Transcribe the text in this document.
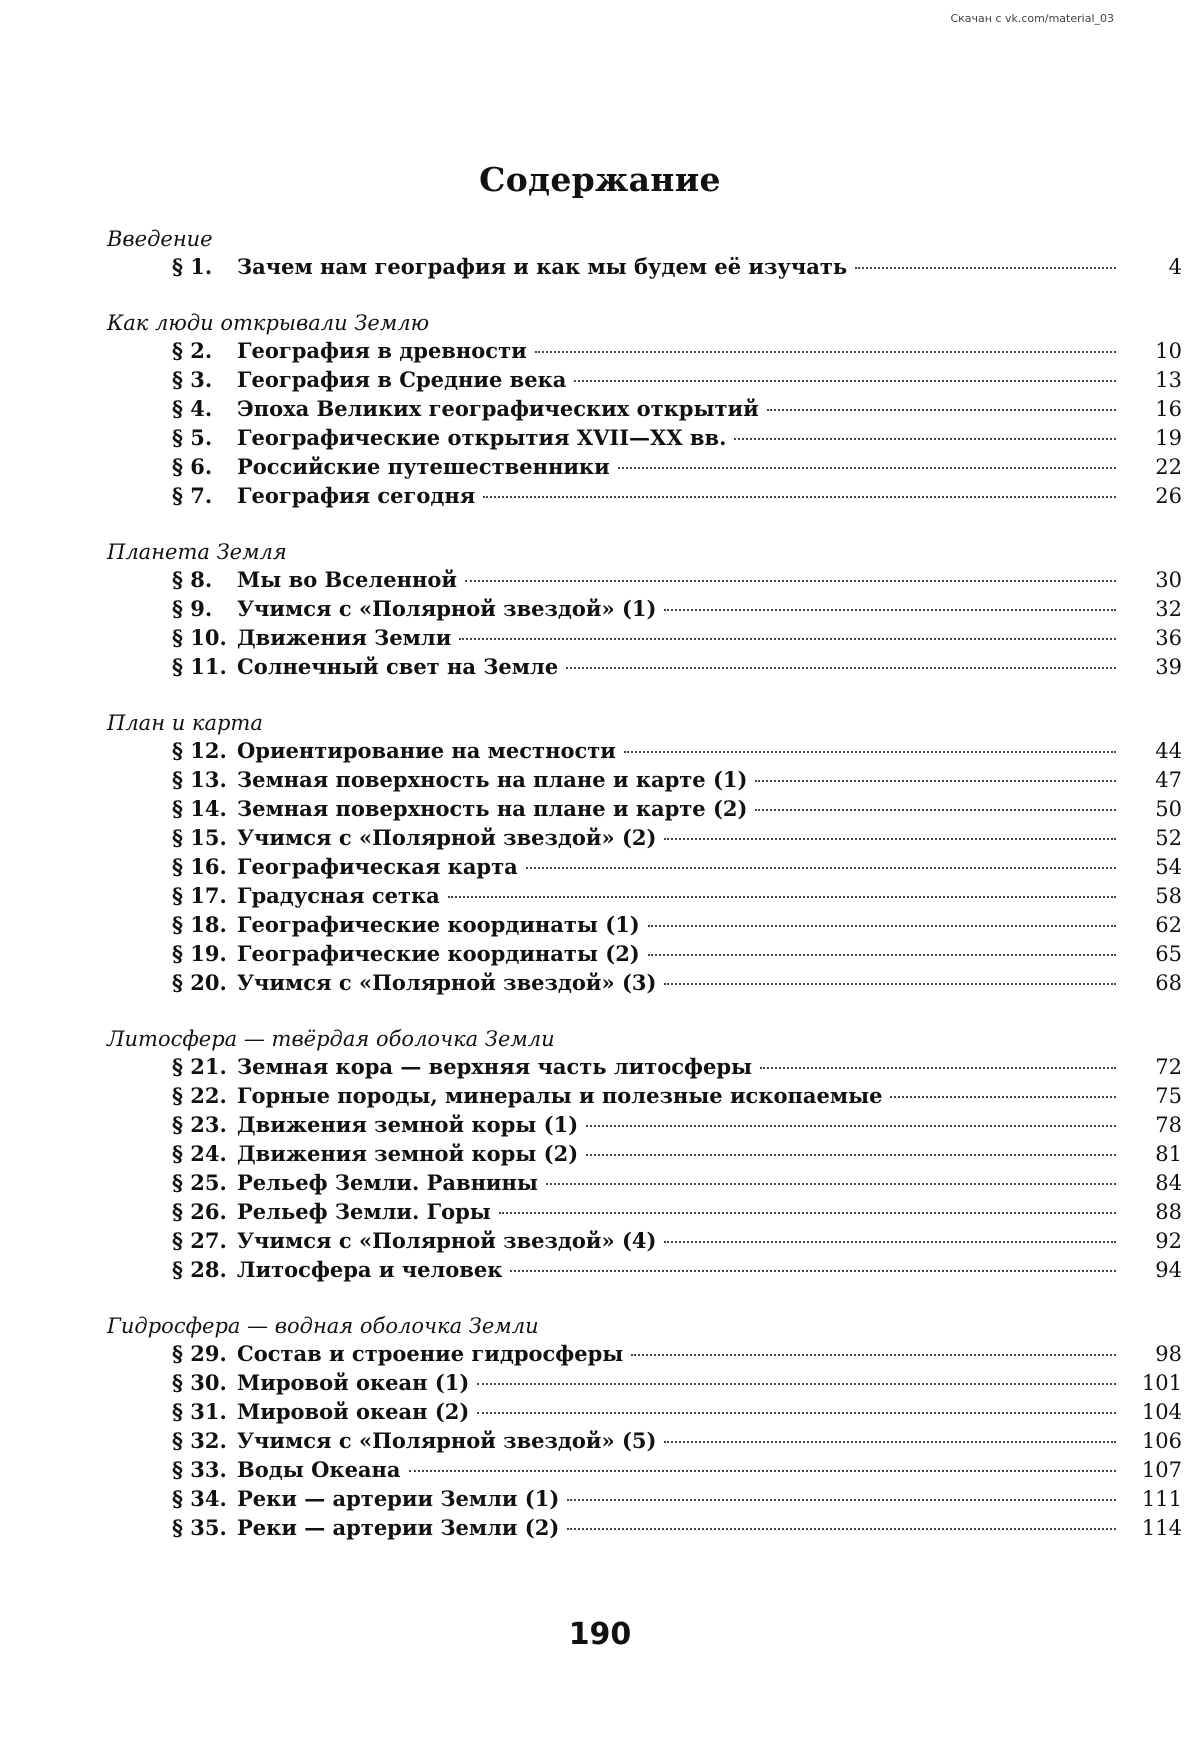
Скачан с vk.com/material_03
Содержание
Введение
§ 1.	Зачем нам география и как мы будем её изучать	4
Как люди открывали Землю
§ 2.	География в древности	10
§ 3.	География в Средние века	13
§ 4.	Эпоха Великих географических открытий	16
§ 5.	Географические открытия XVII—XX вв.	19
§ 6.	Российские путешественники	22
§ 7.	География сегодня	26
Планета Земля
§ 8.	Мы во Вселенной	30
§ 9.	Учимся с «Полярной звездой» (1)	32
§ 10. Движения Земли	36
§ 11. Солнечный свет на Земле	39
План и карта
§ 12. Ориентирование на местности	44
§ 13. Земная поверхность на плане и карте (1)	47
§ 14. Земная поверхность на плане и карте (2)	50
§ 15. Учимся с «Полярной звездой» (2)	52
§ 16. Географическая карта	54
§ 17. Градусная сетка	58
§ 18. Географические координаты (1)	62
§ 19. Географические координаты (2)	65
§ 20. Учимся с «Полярной звездой» (3)	68
Литосфера — твёрдая оболочка Земли
§ 21. Земная кора — верхняя часть литосферы	72
§ 22. Горные породы, минералы и полезные ископаемые	75
§ 23. Движения земной коры (1)	78
§ 24. Движения земной коры (2)	81
§ 25. Рельеф Земли. Равнины	84
§ 26. Рельеф Земли. Горы	88
§ 27. Учимся с «Полярной звездой» (4)	92
§ 28. Литосфера и человек	94
Гидросфера — водная оболочка Земли
§ 29. Состав и строение гидросферы	98
§ 30. Мировой океан (1)	101
§ 31. Мировой океан (2)	104
§ 32. Учимся с «Полярной звездой» (5)	106
§ 33. Воды Океана	107
§ 34. Реки — артерии Земли (1)	111
§ 35. Реки — артерии Земли (2)	114
190
